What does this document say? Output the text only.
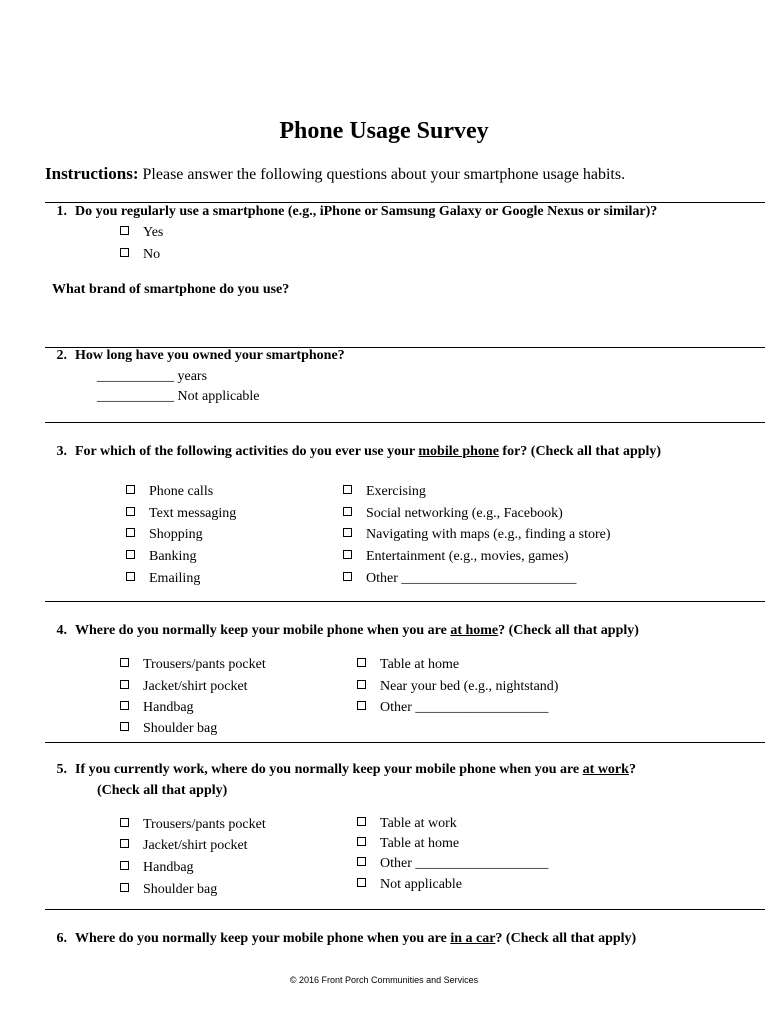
Phone Usage Survey
Instructions: Please answer the following questions about your smartphone usage habits.
1. Do you regularly use a smartphone (e.g., iPhone or Samsung Galaxy or Google Nexus or similar)?
Yes
No
What brand of smartphone do you use?
2. How long have you owned your smartphone?
___________ years
___________ Not applicable
3. For which of the following activities do you ever use your mobile phone for? (Check all that apply)
Phone calls
Text messaging
Shopping
Banking
Emailing
Exercising
Social networking (e.g., Facebook)
Navigating with maps (e.g., finding a store)
Entertainment (e.g., movies, games)
Other _________________________
4. Where do you normally keep your mobile phone when you are at home? (Check all that apply)
Trousers/pants pocket
Jacket/shirt pocket
Handbag
Shoulder bag
Table at home
Near your bed (e.g., nightstand)
Other ___________________
5. If you currently work, where do you normally keep your mobile phone when you are at work?
(Check all that apply)
Trousers/pants pocket
Jacket/shirt pocket
Handbag
Shoulder bag
Table at work
Table at home
Other ___________________
Not applicable
6. Where do you normally keep your mobile phone when you are in a car? (Check all that apply)
© 2016 Front Porch Communities and Services
